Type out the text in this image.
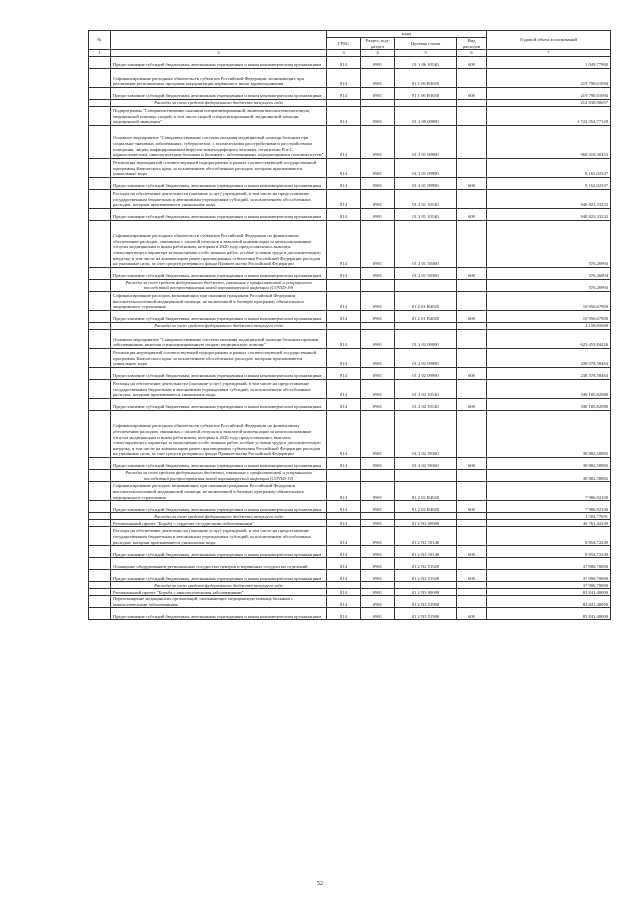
№		коды				Годовой объем ассигнований
		ГРБС	Раздел, под-раздел	Целевая статья	Вид расходов	
1	2	3	4	5	6	7
	Предоставление субсидий бюджетным, автономным учреждениям и иным некоммерческим организациям	814	0901	01 1 06 10140	600	1 049,77900
	Софинансирование расходных обязательств субъектов Российской Федерации, возникающих при реализации региональных программ модернизации первичного звена здравоохранения	814	0901	01 1 06 R3650		219 790,01094
	Предоставление субсидий бюджетным, автономным учреждениям и иным некоммерческим организациям	814	0901	01 1 06 R3650	600	219 790,01094
	Расходы за счет средств федерального бюджета текущего года					214 838,90657
	Подпрограмма "Совершенствование оказания специализированной, включая высокотехнологичную, медицинской помощи, скорой, в том числе скорой специализированной, медицинской помощи, медицинской эвакуации"	814	0901	01 2 00 00000		1 722 354,77128
	Основное мероприятие "Совершенствование системы оказания медицинской помощи больным при социально-значимых заболеваниях, туберкулезом, с психическими расстройствами и расстройствами поведения, лицам, инфицированным вирусом иммунодефицита человека, гепатитами В и С, наркологическим, онкологическим больным и больным с заболеваниями, передающимися половым путем"	814	0901	01 2 01 00000		968 318,30453
	Реализация мероприятий соответствующей подпрограммы в рамках соответствующей государственной программы Камчатского края, за исключением обособленных расходов, которым присваиваются уникальные коды	814	0901	01 2 01 09990		8 162,02337
	Предоставление субсидий бюджетным, автономным учреждениям и иным некоммерческим организациям	814	0901	01 2 01 09990	600	8 162,02337
	Расходы на обеспечение деятельности (оказание услуг) учреждений, в том числе на предоставление государственным бюджетным и автономным учреждениям субсидий, за исключением обособленных расходов, которым присваиваются уникальные коды	814	0901	01 2 01 10140		948 823,33232
	Предоставление субсидий бюджетным, автономным учреждениям и иным некоммерческим организациям	814	0901	01 2 01 10140	600	948 823,33232
	Софинансирование расходных обязательств субъектов Российской Федерации по финансовому обеспечению расходов, связанных с оплатой отпусков и выплатой компенсации за неиспользованные отпуска медицинским и иным работникам, которым в 2020 году предоставлялись выплаты стимулирующего характера за выполнение особо важных работ, особые условия труда и дополнительную нагрузку, в том числе на компенсацию ранее произведенных субъектами Российской Федерации расходов на указанные цели, за счет средств резервного фонда Правительства Российской Федерации	814	0901	01 2 01 58360		376,26994
	Предоставление субсидий бюджетным, автономным учреждениям и иным некоммерческим организациям	814	0901	01 2 01 58360	600	376,26994
	Расходы за счет средств федерального бюджета, связанные с профилактикой и устранением последствий распространения новой коронавирусной инфекции (COVID-19)					376,26994
	Софинансирование расходов, возникающих при оказании гражданам Российской Федерации высокотехнологичной медицинской помощи, не включенной в базовую программу обязательного медицинского страхования	814	0901	01 2 01 R4020		10 956,67900
	Предоставление субсидий бюджетным, автономным учреждениям и иным некоммерческим организациям	814	0901	01 2 01 R4020	600	10 956,67900
	Расходы за счет средств федерального бюджета текущего года					2 158,65068
	Основное мероприятие "Совершенствование системы оказания медицинской помощи больным прочими заболеваниями, включая специализированную скорую медицинскую помощь"	814	0901	01 2 02 00000		623 453,84426
	Реализация мероприятий соответствующей подпрограммы в рамках соответствующей государственной программы Камчатского края, за исключением обособленных расходов, которым присваиваются уникальные коды	814	0901	01 2 02 09990		238 378,58464
	Предоставление субсидий бюджетным, автономным учреждениям и иным некоммерческим организациям	814	0901	01 2 02 09990	600	238 378,58464
	Расходы на обеспечение деятельности (оказание услуг) учреждений, в том числе на предоставление государственным бюджетным и автономным учреждениям субсидий, за исключением обособленных расходов, которым присваиваются уникальные коды	814	0901	01 2 02 10140		338 185,82980
	Предоставление субсидий бюджетным, автономным учреждениям и иным некоммерческим организациям	814	0901	01 2 02 10140	600	338 185,82980
	Софинансирование расходных обязательств субъектов Российской Федерации по финансовому обеспечению расходов, связанных с оплатой отпусков и выплатой компенсации за неиспользованные отпуска медицинским и иным работникам, которым в 2020 году предоставлялись выплаты стимулирующего характера за выполнение особо важных работ, особые условия труда и дополнительную нагрузку, в том числе на компенсацию ранее произведенных субъектами Российской Федерации расходов на указанные цели, за счет средств резервного фонда Правительства Российской Федерации	814	0901	01 2 02 58360		38 882,50882
	Предоставление субсидий бюджетным, автономным учреждениям и иным некоммерческим организациям	814	0901	01 2 02 58360	600	38 882,50882
	Расходы за счет средств федерального бюджета, связанные с профилактикой и устранением последствий распространения новой коронавирусной инфекции (COVID-19)					38 882,50882
	Софинансирование расходов, возникающих при оказании гражданам Российской Федерации высокотехнологичной медицинской помощи, не включенной в базовую программу обязательного медицинского страхования	814	0901	01 2 02 R4020		7 986,92100
	Предоставление субсидий бюджетным, автономным учреждениям и иным некоммерческим организациям	814	0901	01 2 02 R4020	600	7 986,92100
	Расходы за счет средств федерального бюджета текущего года					1 504,77691
	Региональный проект "Борьба с сердечно-сосудистыми заболеваниями"	814	0901	01 2 N2 00000		46 761,42249
	Расходы на обеспечение деятельности (оказание услуг) учреждений, в том числе на предоставление государственным бюджетным и автономным учреждениям субсидий, за исключением обособленных расходов, которым присваиваются уникальные коды	814	0901	01 2 N2 10140		8 854,72249
	Предоставление субсидий бюджетным, автономным учреждениям и иным некоммерческим организациям	814	0901	01 2 N2 10140	600	8 854,72249
	Оснащение оборудованием региональных сосудистых центров и первичных сосудистых отделений	814	0901	01 2 N2 51920		37 906,70000
	Предоставление субсидий бюджетным, автономным учреждениям и иным некоммерческим организациям	814	0901	01 2 N2 51920	600	37 906,70000
	Расходы за счет средств федерального бюджета текущего года					37 906,70000
	Региональный проект "Борьба с онкологическими заболеваниями"	814	0901	01 2 N3 00000		83 841,40000
	Переоснащение медицинских организаций, оказывающих медицинскую помощь больным с онкологическими заболеваниями	814	0901	01 2 N3 51900		83 841,40000
	Предоставление субсидий бюджетным, автономным учреждениям и иным некоммерческим организациям	814	0901	01 2 N3 51900	600	83 841,40000
52
